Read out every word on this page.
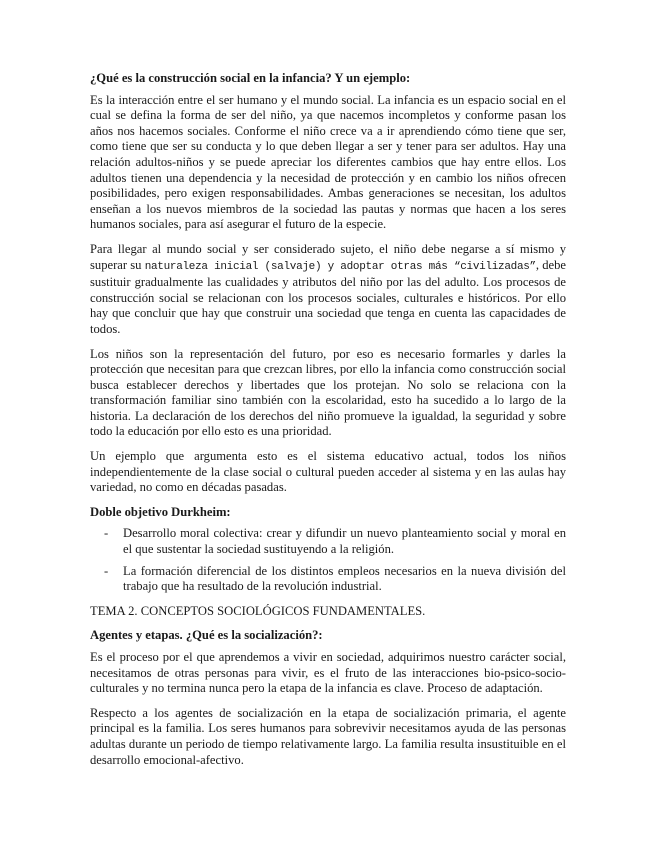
¿Qué es la construcción social en la infancia? Y un ejemplo:

Es la interacción entre el ser humano y el mundo social. La infancia es un espacio social en el cual se defina la forma de ser del niño, ya que nacemos incompletos y conforme pasan los años nos hacemos sociales. Conforme el niño crece va a ir aprendiendo cómo tiene que ser, como tiene que ser su conducta y lo que deben llegar a ser y tener para ser adultos. Hay una relación adultos-niños y se puede apreciar los diferentes cambios que hay entre ellos. Los adultos tienen una dependencia y la necesidad de protección y en cambio los niños ofrecen posibilidades, pero exigen responsabilidades. Ambas generaciones se necesitan, los adultos enseñan a los nuevos miembros de la sociedad las pautas y normas que hacen a los seres humanos sociales, para así asegurar el futuro de la especie.

Para llegar al mundo social y ser considerado sujeto, el niño debe negarse a sí mismo y superar su naturaleza inicial (salvaje) y adoptar otras más “civilizadas”, debe sustituir gradualmente las cualidades y atributos del niño por las del adulto. Los procesos de construcción social se relacionan con los procesos sociales, culturales e históricos. Por ello hay que concluir que hay que construir una sociedad que tenga en cuenta las capacidades de todos.

Los niños son la representación del futuro, por eso es necesario formarles y darles la protección que necesitan para que crezcan libres, por ello la infancia como construcción social busca establecer derechos y libertades que los protejan. No solo se relaciona con la transformación familiar sino también con la escolaridad, esto ha sucedido a lo largo de la historia. La declaración de los derechos del niño promueve la igualdad, la seguridad y sobre todo la educación por ello esto es una prioridad.

Un ejemplo que argumenta esto es el sistema educativo actual, todos los niños independientemente de la clase social o cultural pueden acceder al sistema y en las aulas hay variedad, no como en décadas pasadas.

Doble objetivo Durkheim:

- Desarrollo moral colectiva: crear y difundir un nuevo planteamiento social y moral en el que sustentar la sociedad sustituyendo a la religión.
- La formación diferencial de los distintos empleos necesarios en la nueva división del trabajo que ha resultado de la revolución industrial.

TEMA 2. CONCEPTOS SOCIOLÓGICOS FUNDAMENTALES.

Agentes y etapas. ¿Qué es la socialización?:

Es el proceso por el que aprendemos a vivir en sociedad, adquirimos nuestro carácter social, necesitamos de otras personas para vivir, es el fruto de las interacciones bio-psico-socio-culturales y no termina nunca pero la etapa de la infancia es clave. Proceso de adaptación.

Respecto a los agentes de socialización en la etapa de socialización primaria, el agente principal es la familia. Los seres humanos para sobrevivir necesitamos ayuda de las personas adultas durante un periodo de tiempo relativamente largo. La familia resulta insustituible en el desarrollo emocional-afectivo.
